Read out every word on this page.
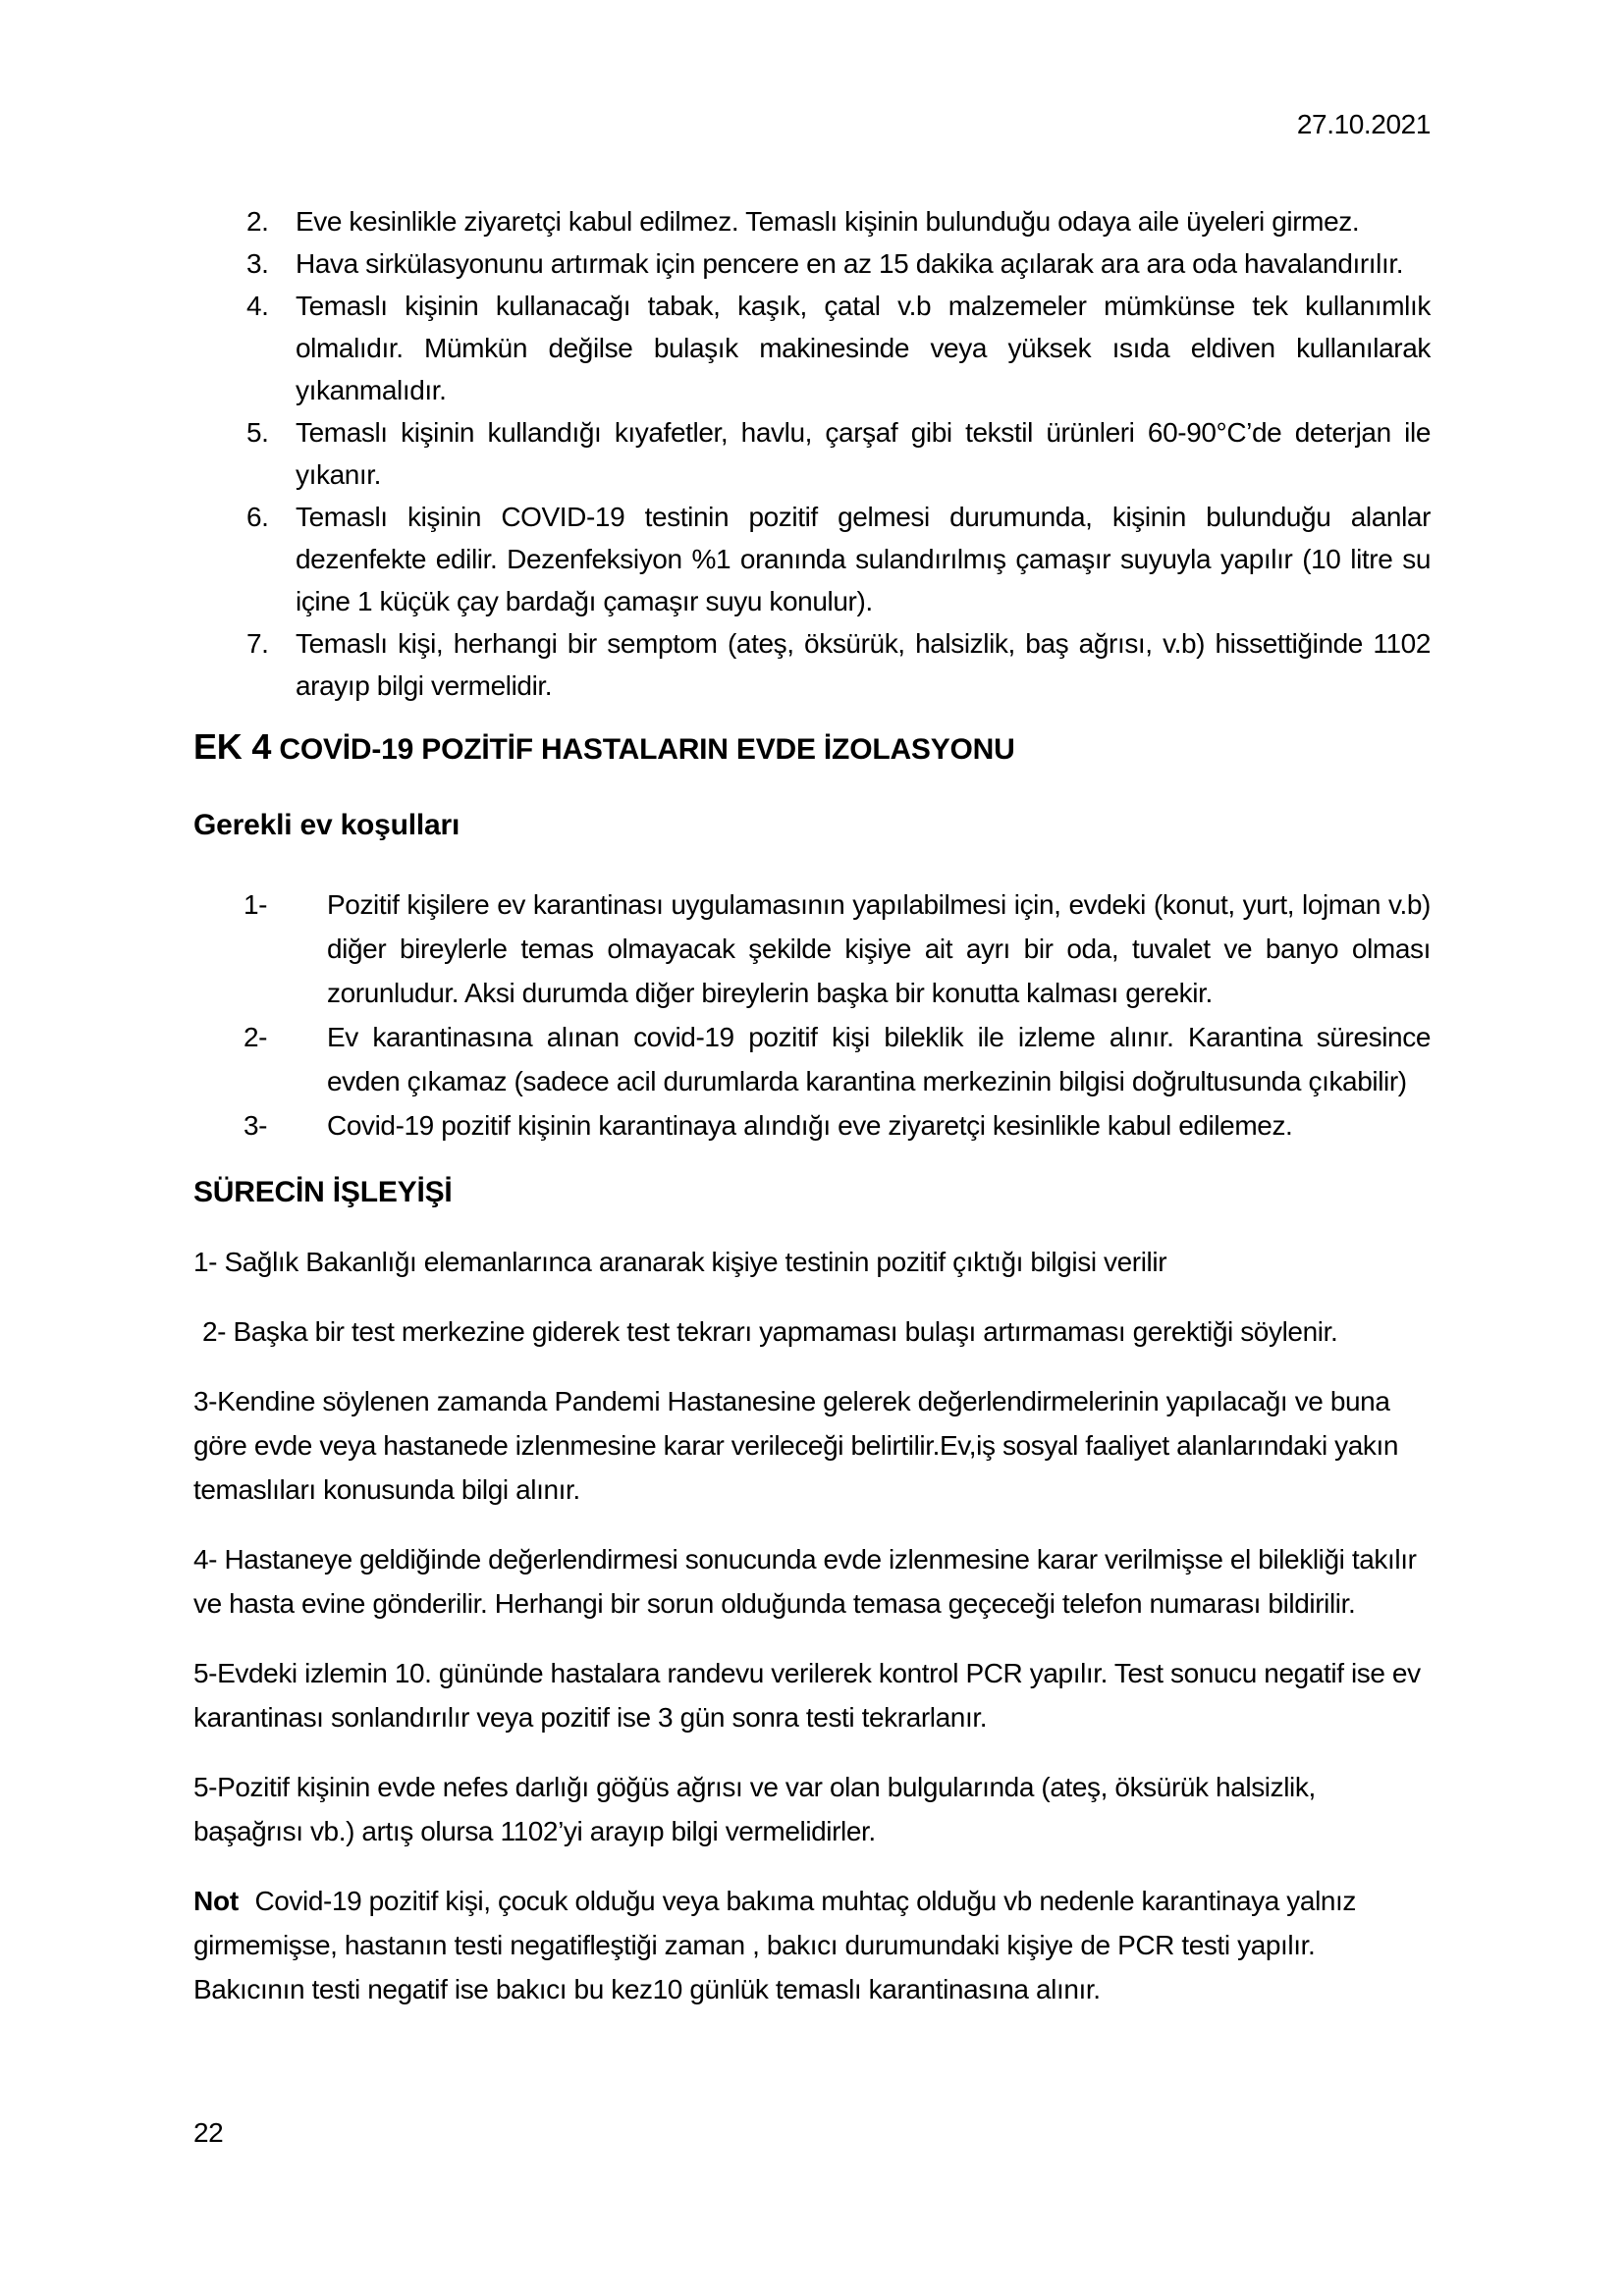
27.10.2021
2. Eve kesinlikle ziyaretçi kabul edilmez. Temaslı kişinin bulunduğu odaya aile üyeleri girmez.
3. Hava sirkülasyonunu artırmak için pencere en az 15 dakika açılarak ara ara oda havalandırılır.
4. Temaslı kişinin kullanacağı tabak, kaşık, çatal v.b malzemeler mümkünse tek kullanımlık olmalıdır. Mümkün değilse bulaşık makinesinde veya yüksek ısıda eldiven kullanılarak yıkanmalıdır.
5. Temaslı kişinin kullandığı kıyafetler, havlu, çarşaf gibi tekstil ürünleri 60-90°C’de deterjan ile yıkanır.
6. Temaslı kişinin COVID-19 testinin pozitif gelmesi durumunda, kişinin bulunduğu alanlar dezenfekte edilir. Dezenfeksiyon %1 oranında sulandırılmış çamaşır suyuyla yapılır (10 litre su içine 1 küçük çay bardağı çamaşır suyu konulur).
7. Temaslı kişi, herhangi bir semptom (ateş, öksürük, halsizlik, baş ağrısı, v.b) hissettiğinde 1102 arayıp bilgi vermelidir.
EK 4 COVİD-19 POZİTİF HASTALARIN EVDE İZOLASYONU
Gerekli ev koşulları
1- Pozitif kişilere ev karantinası uygulamasının yapılabilmesi için, evdeki (konut, yurt, lojman v.b) diğer bireylerle temas olmayacak şekilde kişiye ait ayrı bir oda, tuvalet ve banyo olması zorunludur. Aksi durumda diğer bireylerin başka bir konutta kalması gerekir.
2- Ev karantinasına alınan covid-19 pozitif kişi bileklik ile izleme alınır. Karantina süresince evden çıkamaz (sadece acil durumlarda karantina merkezinin bilgisi doğrultusunda çıkabilir)
3- Covid-19 pozitif kişinin karantinaya alındığı eve ziyaretçi kesinlikle kabul edilemez.
SÜRECİN İŞLEYİŞİ

1- Sağlık Bakanlığı elemanlarınca aranarak kişiye testinin pozitif çıktığı bilgisi verilir

2- Başka bir test merkezine giderek test tekrarı yapmaması bulaşı artırmaması gerektiği söylenir.

3-Kendine söylenen zamanda Pandemi Hastanesine gelerek değerlendirmelerinin yapılacağı ve buna göre evde veya hastanede izlenmesine karar verileceği belirtilir.Ev,iş sosyal faaliyet alanlarındaki yakın temaslıları konusunda bilgi alınır.

4- Hastaneye geldiğinde değerlendirmesi sonucunda evde izlenmesine karar verilmişse el bilekliği takılır ve hasta evine gönderilir. Herhangi bir sorun olduğunda temasa geçeceği telefon numarası bildirilir.

5-Evdeki izlemin 10. gününde hastalara randevu verilerek kontrol PCR yapılır. Test sonucu negatif ise ev karantinası sonlandırılır veya pozitif ise 3 gün sonra testi tekrarlanır.

5-Pozitif kişinin evde nefes darlığı göğüs ağrısı ve var olan bulgularında (ateş, öksürük halsizlik, başağrısı vb.) artış olursa 1102’yi arayıp bilgi vermelidirler.

Not Covid-19 pozitif kişi, çocuk olduğu veya bakıma muhtaç olduğu vb nedenle karantinaya yalnız girmemişse, hastanın testi negatifleştiği zaman , bakıcı durumundaki kişiye de PCR testi yapılır. Bakıcının testi negatif ise bakıcı bu kez10 günlük temaslı karantinasına alınır.

22
